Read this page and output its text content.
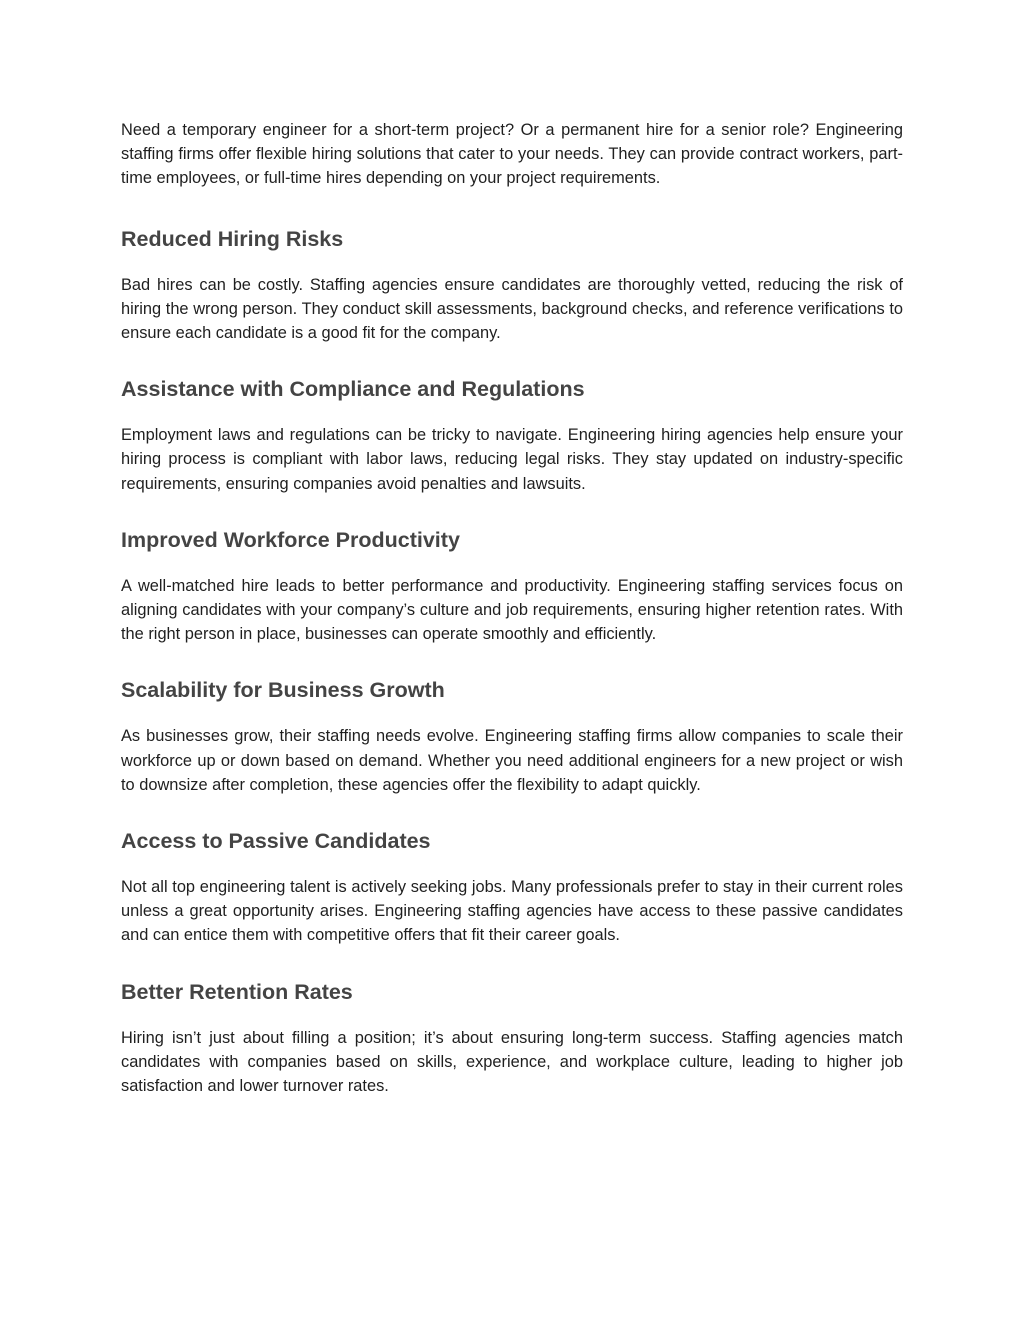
Need a temporary engineer for a short-term project? Or a permanent hire for a senior role? Engineering staffing firms offer flexible hiring solutions that cater to your needs. They can provide contract workers, part-time employees, or full-time hires depending on your project requirements.

Reduced Hiring Risks

Bad hires can be costly. Staffing agencies ensure candidates are thoroughly vetted, reducing the risk of hiring the wrong person. They conduct skill assessments, background checks, and reference verifications to ensure each candidate is a good fit for the company.

Assistance with Compliance and Regulations

Employment laws and regulations can be tricky to navigate. Engineering hiring agencies help ensure your hiring process is compliant with labor laws, reducing legal risks. They stay updated on industry-specific requirements, ensuring companies avoid penalties and lawsuits.

Improved Workforce Productivity

A well-matched hire leads to better performance and productivity. Engineering staffing services focus on aligning candidates with your company’s culture and job requirements, ensuring higher retention rates. With the right person in place, businesses can operate smoothly and efficiently.

Scalability for Business Growth

As businesses grow, their staffing needs evolve. Engineering staffing firms allow companies to scale their workforce up or down based on demand. Whether you need additional engineers for a new project or wish to downsize after completion, these agencies offer the flexibility to adapt quickly.

Access to Passive Candidates

Not all top engineering talent is actively seeking jobs. Many professionals prefer to stay in their current roles unless a great opportunity arises. Engineering staffing agencies have access to these passive candidates and can entice them with competitive offers that fit their career goals.

Better Retention Rates

Hiring isn’t just about filling a position; it’s about ensuring long-term success. Staffing agencies match candidates with companies based on skills, experience, and workplace culture, leading to higher job satisfaction and lower turnover rates.
